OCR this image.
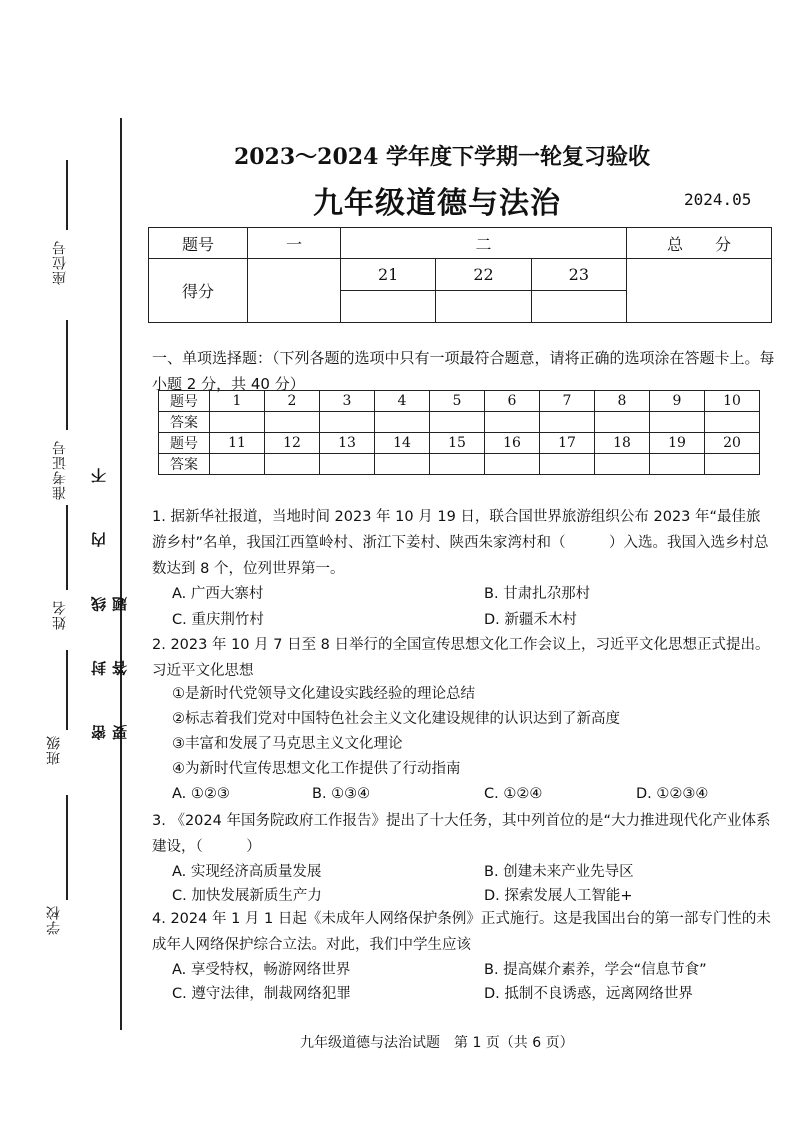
座位号
准考证号
姓名
班级
学校
密 封 线 内 不 要 答 题
2023～2024 学年度下学期一轮复习验收
九年级道德与法治	2024.05
题号	一	二			总　　分
得分		21	22	23	

一、单项选择题：（下列各题的选项中只有一项最符合题意，请将正确的选项涂在答题卡上。每小题 2 分，共 40 分）
题号	1	2	3	4	5	6	7	8	9	10
答案										
题号	11	12	13	14	15	16	17	18	19	20
答案										
1. 据新华社报道，当地时间 2023 年 10 月 19 日，联合国世界旅游组织公布 2023 年“最佳旅游乡村”名单，我国江西篁岭村、浙江下姜村、陕西朱家湾村和（　　　）入选。我国入选乡村总数达到 8 个，位列世界第一。
A. 广西大寨村	B. 甘肃扎尕那村
C. 重庆荆竹村	D. 新疆禾木村
2. 2023 年 10 月 7 日至 8 日举行的全国宣传思想文化工作会议上，习近平文化思想正式提出。习近平文化思想
①是新时代党领导文化建设实践经验的理论总结
②标志着我们党对中国特色社会主义文化建设规律的认识达到了新高度
③丰富和发展了马克思主义文化理论
④为新时代宣传思想文化工作提供了行动指南
A. ①②③	B. ①③④	C. ①②④	D. ①②③④
3. 《2024 年国务院政府工作报告》提出了十大任务，其中列首位的是“大力推进现代化产业体系建设，（　　　）
A. 实现经济高质量发展	B. 创建未来产业先导区
C. 加快发展新质生产力	D. 探索发展人工智能+
4. 2024 年 1 月 1 日起《未成年人网络保护条例》正式施行。这是我国出台的第一部专门性的未成年人网络保护综合立法。对此，我们中学生应该
A. 享受特权，畅游网络世界	B. 提高媒介素养，学会“信息节食”
C. 遵守法律，制裁网络犯罪	D. 抵制不良诱惑，远离网络世界
九年级道德与法治试题　第 1 页（共 6 页）
